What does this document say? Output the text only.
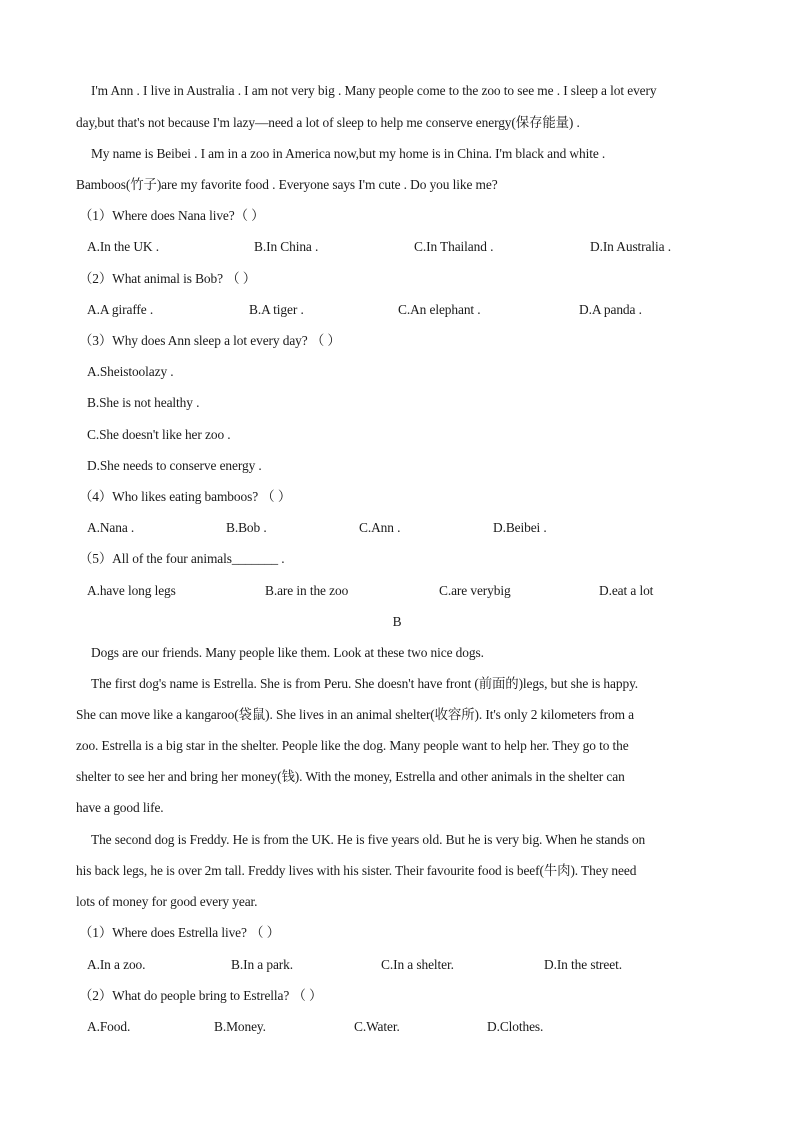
I'm Ann . I live in Australia . I am not very big . Many people come to the zoo to see me . I sleep a lot every
day,but that's not because I'm lazy—need a lot of sleep to help me conserve energy(保存能量) .
My name is Beibei . I am in a zoo in America now,but my home is in China. I'm black and white .
Bamboos(竹子)are my favorite food . Everyone says I'm cute . Do you like me?
（1）Where does Nana live?（ ）
A.In the UK .	B.In China .	C.In Thailand .	D.In Australia .
（2）What animal is Bob? （ ）
A.A giraffe .	B.A tiger .	C.An elephant .	D.A panda .
（3）Why does Ann sleep a lot every day? （ ）
A.Sheistoolazy .
B.She is not healthy .
C.She doesn't like her zoo .
D.She needs to conserve energy .
（4）Who likes eating bamboos? （ ）
A.Nana .	B.Bob .	C.Ann .	D.Beibei .
（5）All of the four animals_______ .
A.have long legs	B.are in the zoo	C.are verybig	D.eat a lot
B
Dogs are our friends. Many people like them. Look at these two nice dogs.
The first dog's name is Estrella. She is from Peru. She doesn't have front (前面的)legs, but she is happy.
She can move like a kangaroo(袋鼠). She lives in an animal shelter(收容所). It's only 2 kilometers from a
zoo. Estrella is a big star in the shelter. People like the dog. Many people want to help her. They go to the
shelter to see her and bring her money(钱). With the money, Estrella and other animals in the shelter can
have a good life.
The second dog is Freddy. He is from the UK. He is five years old. But he is very big. When he stands on
his back legs, he is over 2m tall. Freddy lives with his sister. Their favourite food is beef(牛肉). They need
lots of money for good every year.
（1）Where does Estrella live? （ ）
A.In a zoo.	B.In a park.	C.In a shelter.	D.In the street.
（2）What do people bring to Estrella? （ ）
A.Food.	B.Money.	C.Water.	D.Clothes.
